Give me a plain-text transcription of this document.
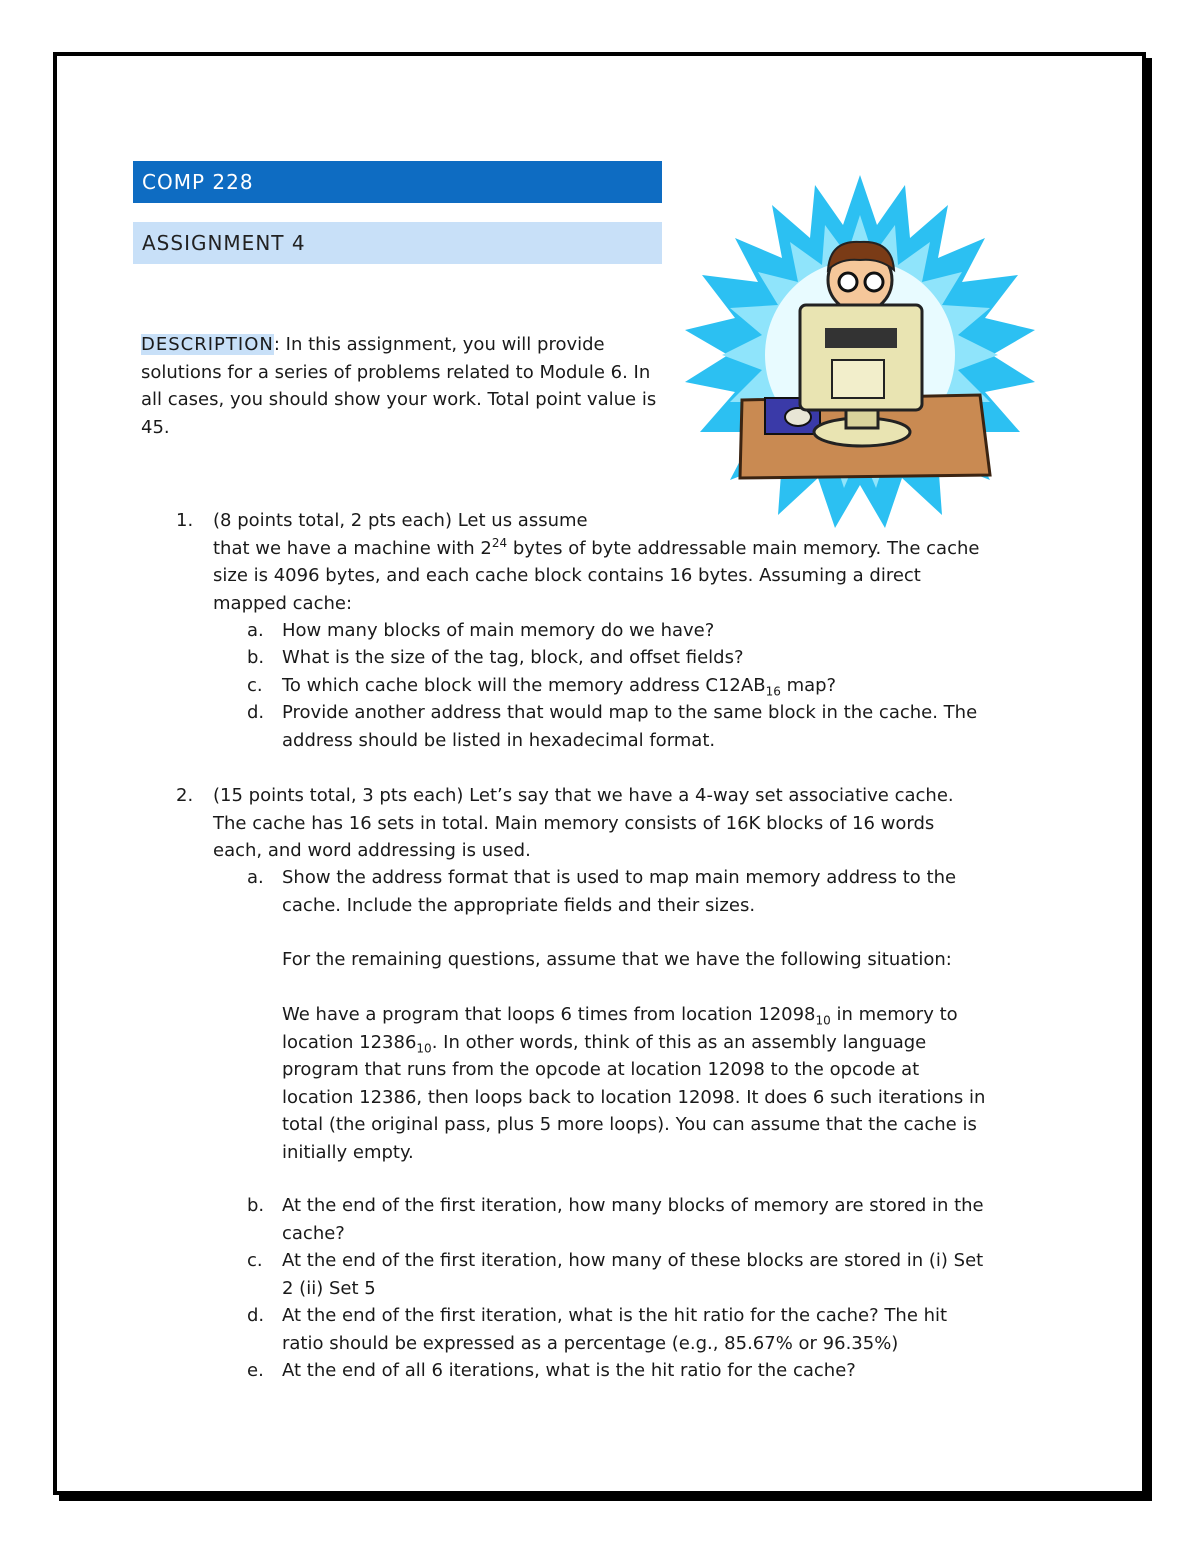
COMP 228
ASSIGNMENT 4
DESCRIPTION: In this assignment, you will provide solutions for a series of problems related to Module 6. In all cases, you should show your work. Total point value is 45.
1. (8 points total, 2 pts each) Let us assume
that we have a machine with $2^{24}$ bytes of byte addressable main memory. The cache
size is 4096 bytes, and each cache block contains 16 bytes. Assuming a direct
mapped cache:
a. How many blocks of main memory do we have?
b. What is the size of the tag, block, and offset fields?
c. To which cache block will the memory address $C12AB_{16}$ map?
d. Provide another address that would map to the same block in the cache. The
address should be listed in hexadecimal format.
2. (15 points total, 3 pts each) Let’s say that we have a 4-way set associative cache.
The cache has 16 sets in total. Main memory consists of 16K blocks of 16 words
each, and word addressing is used.
a. Show the address format that is used to map main memory address to the
cache. Include the appropriate fields and their sizes.
For the remaining questions, assume that we have the following situation:
We have a program that loops 6 times from location $12098_{10}$ in memory to
location $12386_{10}$. In other words, think of this as an assembly language
program that runs from the opcode at location 12098 to the opcode at
location 12386, then loops back to location 12098. It does 6 such iterations in
total (the original pass, plus 5 more loops). You can assume that the cache is
initially empty.
b. At the end of the first iteration, how many blocks of memory are stored in the
cache?
c. At the end of the first iteration, how many of these blocks are stored in (i) Set
2 (ii) Set 5
d. At the end of the first iteration, what is the hit ratio for the cache? The hit
ratio should be expressed as a percentage (e.g., 85.67% or 96.35%)
e. At the end of all 6 iterations, what is the hit ratio for the cache?
